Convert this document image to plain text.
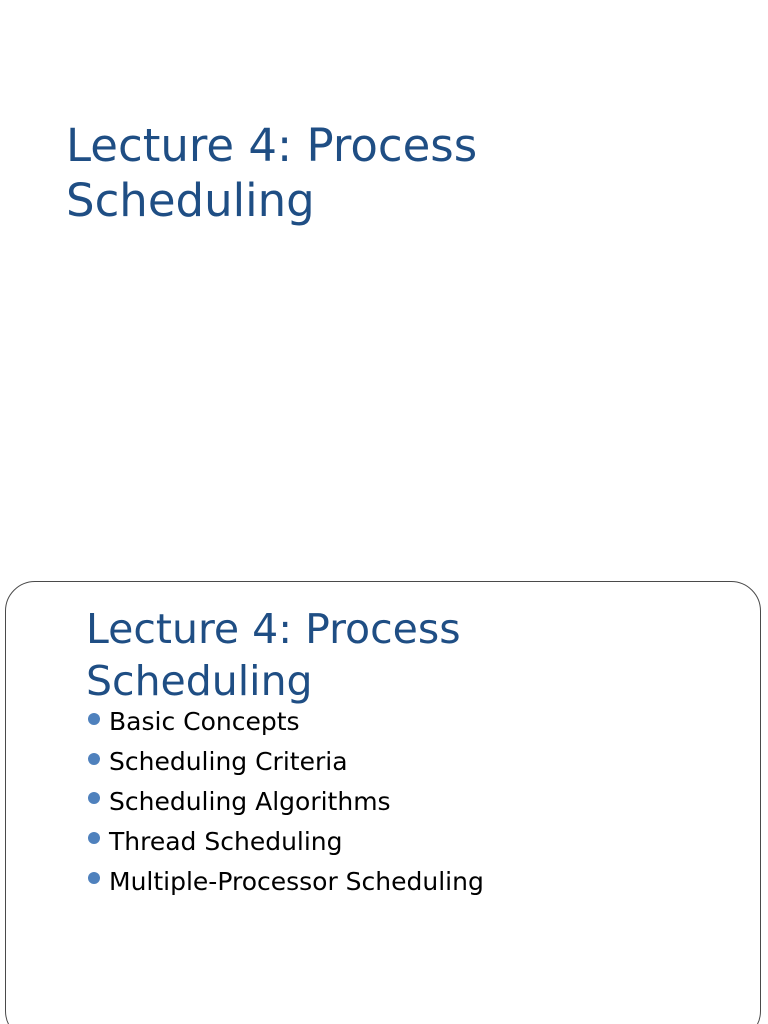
Lecture 4: Process
Scheduling
Lecture 4: Process
Scheduling
Basic Concepts
Scheduling Criteria
Scheduling Algorithms
Thread Scheduling
Multiple-Processor Scheduling
